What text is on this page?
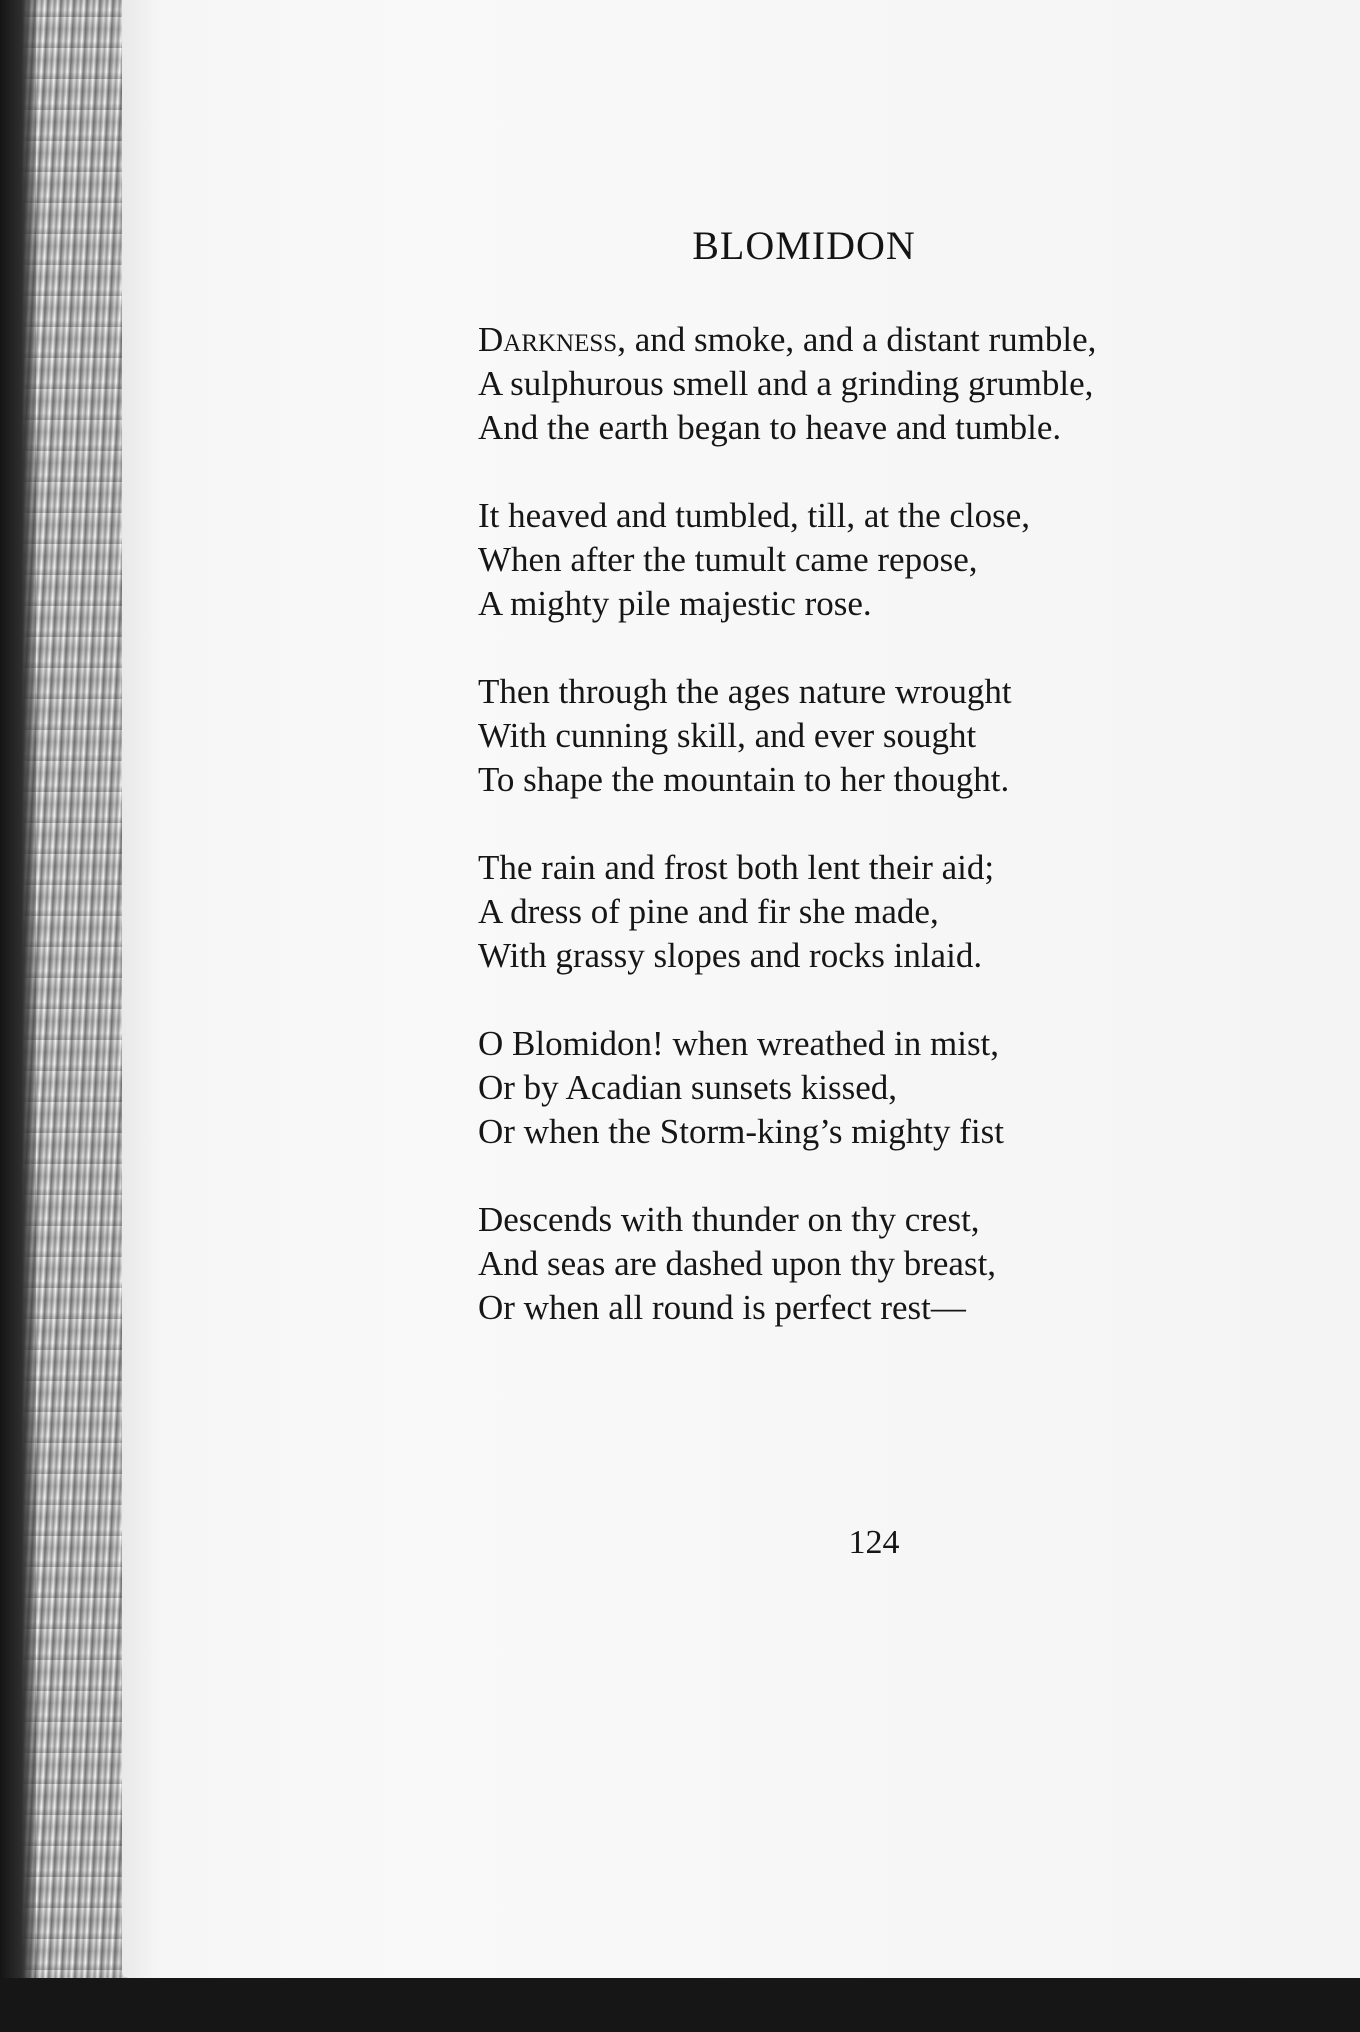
BLOMIDON

Darkness, and smoke, and a distant rumble,
A sulphurous smell and a grinding grumble,
And the earth began to heave and tumble.

It heaved and tumbled, till, at the close,
When after the tumult came repose,
A mighty pile majestic rose.

Then through the ages nature wrought
With cunning skill, and ever sought
To shape the mountain to her thought.

The rain and frost both lent their aid;
A dress of pine and fir she made,
With grassy slopes and rocks inlaid.

O Blomidon! when wreathed in mist,
Or by Acadian sunsets kissed,
Or when the Storm-king’s mighty fist

Descends with thunder on thy crest,
And seas are dashed upon thy breast,
Or when all round is perfect rest—

124
